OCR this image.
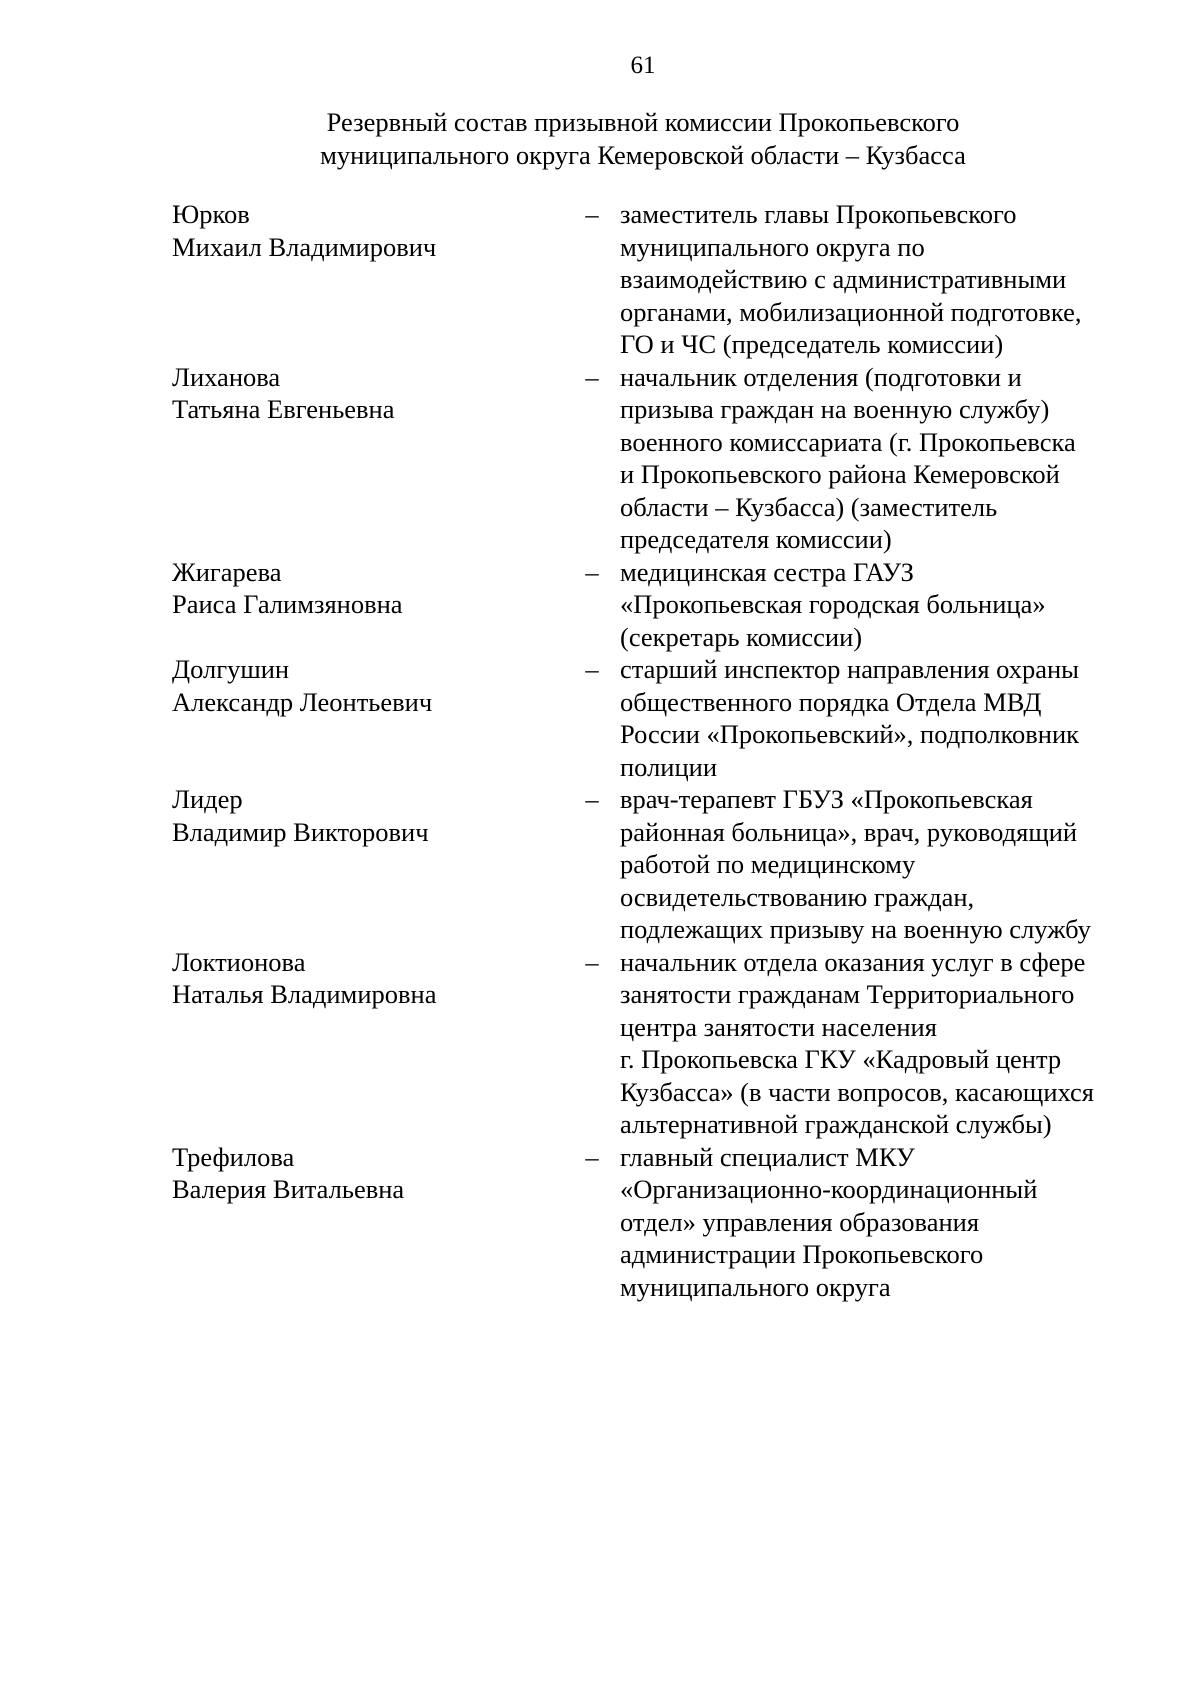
61
Резервный состав призывной комиссии Прокопьевского
муниципального округа Кемеровской области – Кузбасса
Юрков
Михаил Владимирович
– заместитель главы Прокопьевского
муниципального округа по
взаимодействию с административными
органами, мобилизационной подготовке,
ГО и ЧС (председатель комиссии)
Лиханова
Татьяна Евгеньевна
– начальник отделения (подготовки и
призыва граждан на военную службу)
военного комиссариата (г. Прокопьевска
и Прокопьевского района Кемеровской
области – Кузбасса) (заместитель
председателя комиссии)
Жигарева
Раиса Галимзяновна
– медицинская сестра ГАУЗ
«Прокопьевская городская больница»
(секретарь комиссии)
Долгушин
Александр Леонтьевич
– старший инспектор направления охраны
общественного порядка Отдела МВД
России «Прокопьевский», подполковник
полиции
Лидер
Владимир Викторович
– врач-терапевт ГБУЗ «Прокопьевская
районная больница», врач, руководящий
работой по медицинскому
освидетельствованию граждан,
подлежащих призыву на военную службу
Локтионова
Наталья Владимировна
– начальник отдела оказания услуг в сфере
занятости гражданам Территориального
центра занятости населения
г. Прокопьевска ГКУ «Кадровый центр
Кузбасса» (в части вопросов, касающихся
альтернативной гражданской службы)
Трефилова
Валерия Витальевна
– главный специалист МКУ
«Организационно-координационный
отдел» управления образования
администрации Прокопьевского
муниципального округа
